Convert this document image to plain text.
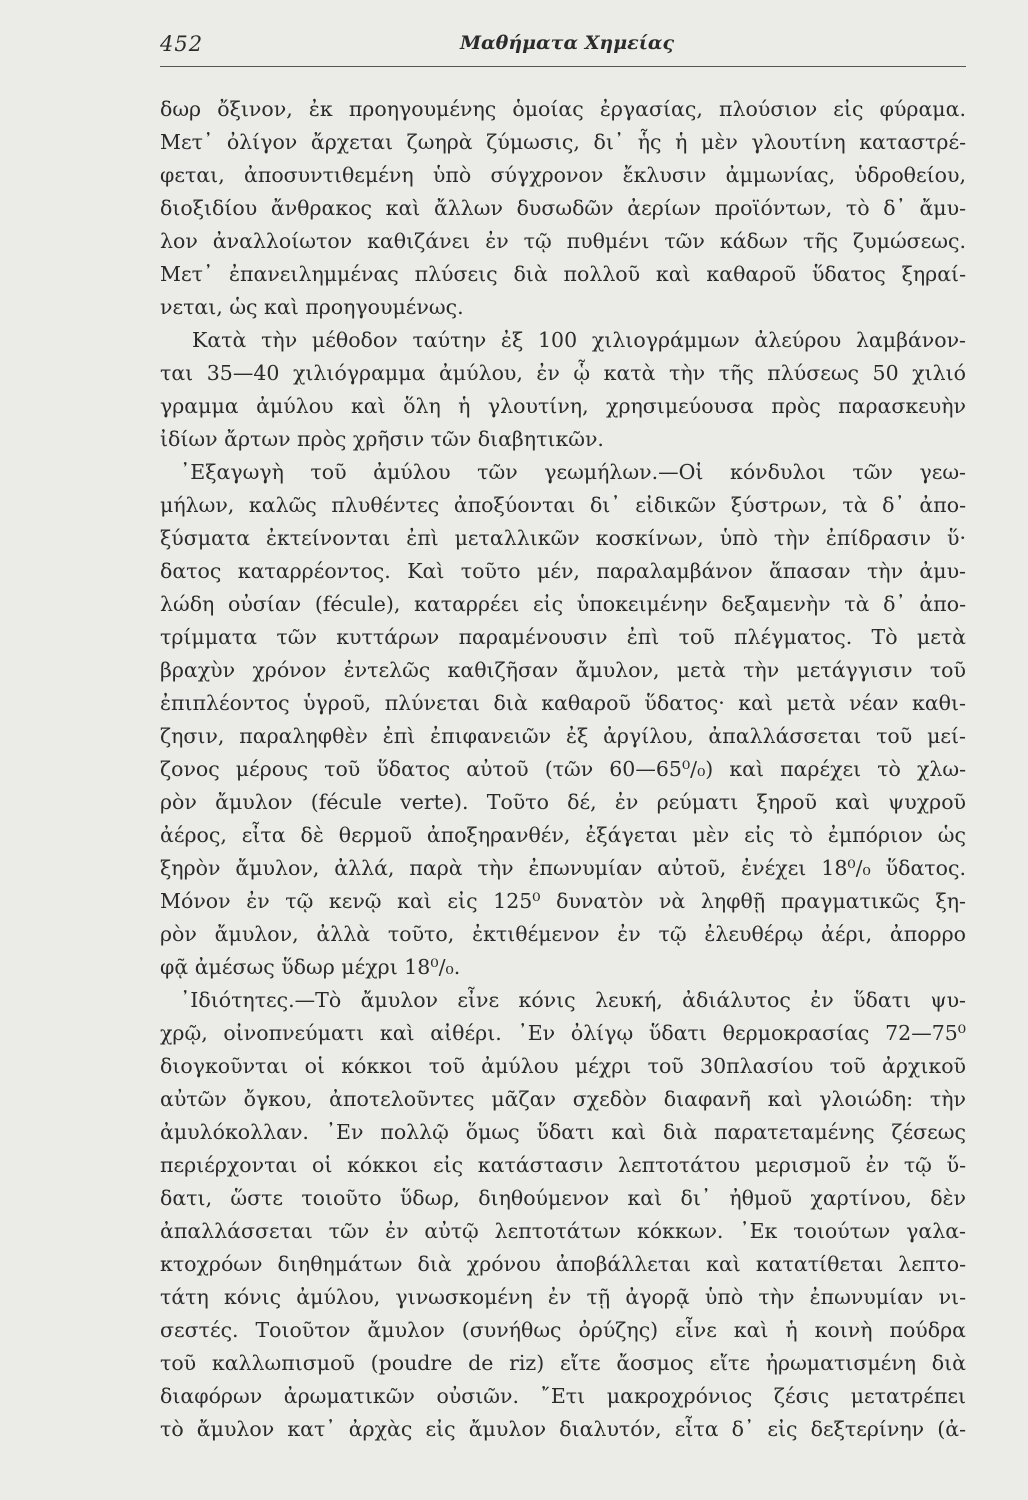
452	Μαθήματα Χημείας
δωρ ὄξινον, ἐκ προηγουμένης ὁμοίας ἐργασίας, πλούσιον εἰς φύραμα.
Μετ᾽ ὀλίγον ἄρχεται ζωηρὰ ζύμωσις, δι᾽ ἧς ἡ μὲν γλουτίνη καταστρέ-
φεται, ἀποσυντιθεμένη ὑπὸ σύγχρονον ἔκλυσιν ἀμμωνίας, ὑδροθείου,
διοξιδίου ἄνθρακος καὶ ἄλλων δυσωδῶν ἀερίων προϊόντων, τὸ δ᾽ ἄμυ-
λον ἀναλλοίωτον καθιζάνει ἐν τῷ πυθμένι τῶν κάδων τῆς ζυμώσεως.
Μετ᾽ ἐπανειλημμένας πλύσεις διὰ πολλοῦ καὶ καθαροῦ ὕδατος ξηραί-
νεται, ὡς καὶ προηγουμένως.
Κατὰ τὴν μέθοδον ταύτην ἐξ 100 χιλιογράμμων ἀλεύρου λαμβάνον-
ται 35—40 χιλιόγραμμα ἀμύλου, ἐν ᾧ κατὰ τὴν τῆς πλύσεως 50 χιλιό
γραμμα ἀμύλου καὶ ὅλη ἡ γλουτίνη, χρησιμεύουσα πρὸς παρασκευὴν
ἰδίων ἄρτων πρὸς χρῆσιν τῶν διαβητικῶν.
᾽Εξαγωγὴ τοῦ ἀμύλου τῶν γεωμήλων.—Οἱ κόνδυλοι τῶν γεω-
μήλων, καλῶς πλυθέντες ἀποξύονται δι᾽ εἰδικῶν ξύστρων, τὰ δ᾽ ἀπο-
ξύσματα ἐκτείνονται ἐπὶ μεταλλικῶν κοσκίνων, ὑπὸ τὴν ἐπίδρασιν ὕ·
δατος καταρρέοντος. Καὶ τοῦτο μέν, παραλαμβάνον ἅπασαν τὴν ἀμυ-
λώδη οὐσίαν (fécule), καταρρέει εἰς ὑποκειμένην δεξαμενὴν τὰ δ᾽ ἀπο-
τρίμματα τῶν κυττάρων παραμένουσιν ἐπὶ τοῦ πλέγματος. Τὸ μετὰ
βραχὺν χρόνον ἐντελῶς καθιζῆσαν ἄμυλον, μετὰ τὴν μετάγγισιν τοῦ
ἐπιπλέοντος ὑγροῦ, πλύνεται διὰ καθαροῦ ὕδατος· καὶ μετὰ νέαν καθι-
ζησιν, παραληφθὲν ἐπὶ ἐπιφανειῶν ἐξ ἀργίλου, ἀπαλλάσσεται τοῦ μεί-
ζονος μέρους τοῦ ὕδατος αὐτοῦ (τῶν 60—65⁰/₀) καὶ παρέχει τὸ χλω-
ρὸν ἄμυλον (fécule verte). Τοῦτο δέ, ἐν ρεύματι ξηροῦ καὶ ψυχροῦ
ἀέρος, εἶτα δὲ θερμοῦ ἀποξηρανθέν, ἐξάγεται μὲν εἰς τὸ ἐμπόριον ὡς
ξηρὸν ἄμυλον, ἀλλά, παρὰ τὴν ἐπωνυμίαν αὐτοῦ, ἐνέχει 18⁰/₀ ὕδατος.
Μόνον ἐν τῷ κενῷ καὶ εἰς 125⁰ δυνατὸν νὰ ληφθῇ πραγματικῶς ξη-
ρὸν ἄμυλον, ἀλλὰ τοῦτο, ἐκτιθέμενον ἐν τῷ ἐλευθέρῳ ἀέρι, ἀπορρο
φᾷ ἀμέσως ὕδωρ μέχρι 18⁰/₀.
᾽Ιδιότητες.—Τὸ ἄμυλον εἶνε κόνις λευκή, ἀδιάλυτος ἐν ὕδατι ψυ-
χρῷ, οἰνοπνεύματι καὶ αἰθέρι. ᾽Εν ὀλίγῳ ὕδατι θερμοκρασίας 72—75⁰
διογκοῦνται οἱ κόκκοι τοῦ ἀμύλου μέχρι τοῦ 30πλασίου τοῦ ἀρχικοῦ
αὐτῶν ὄγκου, ἀποτελοῦντες μᾶζαν σχεδὸν διαφανῆ καὶ γλοιώδη: τὴν
ἀμυλόκολλαν. ᾽Εν πολλῷ ὅμως ὕδατι καὶ διὰ παρατεταμένης ζέσεως
περιέρχονται οἱ κόκκοι εἰς κατάστασιν λεπτοτάτου μερισμοῦ ἐν τῷ ὕ-
δατι, ὥστε τοιοῦτο ὕδωρ, διηθούμενον καὶ δι᾽ ἠθμοῦ χαρτίνου, δὲν
ἀπαλλάσσεται τῶν ἐν αὐτῷ λεπτοτάτων κόκκων. ᾽Εκ τοιούτων γαλα-
κτοχρόων διηθημάτων διὰ χρόνου ἀποβάλλεται καὶ κατατίθεται λεπτο-
τάτη κόνις ἀμύλου, γινωσκομένη ἐν τῇ ἀγορᾷ ὑπὸ τὴν ἐπωνυμίαν νι-
σεστές. Τοιοῦτον ἄμυλον (συνήθως ὀρύζης) εἶνε καὶ ἡ κοινὴ πούδρα
τοῦ καλλωπισμοῦ (poudre de riz) εἴτε ἄοσμος εἴτε ἠρωματισμένη διὰ
διαφόρων ἀρωματικῶν οὐσιῶν. ῎Ετι μακροχρόνιος ζέσις μετατρέπει
τὸ ἄμυλον κατ᾽ ἀρχὰς εἰς ἄμυλον διαλυτόν, εἶτα δ᾽ εἰς δεξτερίνην (ἀ-
